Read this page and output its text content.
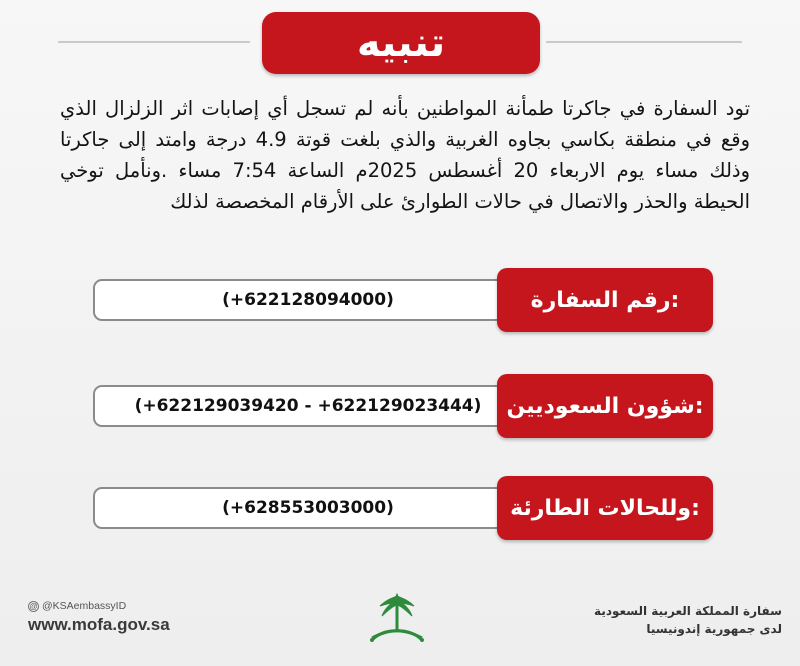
تنبيه

تود السفارة في جاكرتا طمأنة المواطنين بأنه لم تسجل أي إصابات اثر الزلزال الذي وقع في منطقة بكاسي بجاوه الغربية والذي بلغت قوتة 4.9 درجة وامتد إلى جاكرتا وذلك مساء يوم الاربعاء 20 أغسطس 2025م الساعة 7:54 مساء .ونأمل توخي الحيطة والحذر والاتصال في حالات الطوارئ على الأرقام المخصصة لذلك

(+622128094000)	رقم السفارة:
(+622129039420 - +622129023444)	شؤون السعوديين:
(+628553003000)	وللحالات الطارئة:
@ @KSAembassyID
www.mofa.gov.sa
سفارة المملكة العربية السعودية
لدى جمهورية إندونيسيا
